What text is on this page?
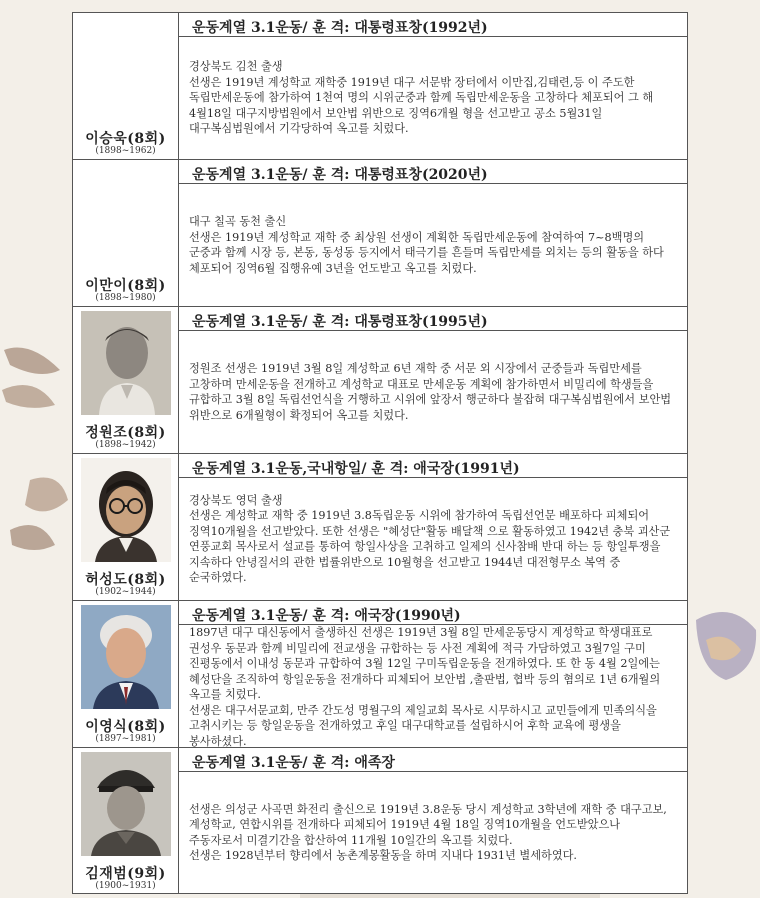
이승욱(8회)
(1898~1962)
운동계열 3.1운동/ 훈 격: 대통령표창(1992년)

경상북도 김천 출생

선생은 1919년 계성학교 재학중 1919년 대구 서문밖 장터에서 이만집,김태련,등 이 주도한 독립만세운동에 참가하여 1천여 명의 시위군중과 함께 독립만세운동을 고창하다 체포되어 그 해 4월18일 대구지방법원에서 보안법 위반으로 징역6개월 형을 선고받고 공소 5월31일 대구복심법원에서 기각당하여 옥고를 치렀다.

이만이(8회)
(1898~1980)
운동계열 3.1운동/ 훈 격: 대통령표창(2020년)

대구 칠곡 동천 출신

선생은 1919년 계성학교 재학 중 최상원 선생이 계획한 독립만세운동에 참여하여 7~8백명의 군중과 함께 시장 등, 본동, 동성동 등지에서 태극기를 흔들며 독립만세를 외치는 등의 활동을 하다 체포되어 징역6월 집행유예 3년을 언도받고 옥고를 치렀다.

정원조(8회)
(1898~1942)
운동계열 3.1운동/ 훈 격: 대통령표창(1995년)

정원조 선생은 1919년 3월 8일 계성학교 6년 재학 중 서문 외 시장에서 군중들과 독립만세를 고창하며 만세운동을 전개하고 계성학교 대표로 만세운동 계획에 참가하면서 비밀리에 학생들을 규합하고 3월 8일 독립선언식을 거행하고 시위에 앞장서 행군하다 불잡혀 대구복심법원에서 보안법 위반으로 6개월형이 확정되어 옥고를 치렀다.

허성도(8회)
(1902~1944)
운동계열 3.1운동,국내항일/ 훈 격: 애국장(1991년)

경상북도 영덕 출생

선생은 계성학교 재학 중 1919년 3.8독립운동 시위에 참가하여 독립선언문 배포하다 피체되어 징역10개월을 선고받았다. 또한 선생은 "혜성단"활동 배달책 으로 활동하였고 1942년 충북 괴산군 연풍교회 목사로서 설교를 통하여 항일사상을 고취하고 일제의 신사참배 반대 하는 등 항일투쟁을 지속하다 안녕질서의 관한 법률위반으로 10월형을 선고받고 1944년 대전형무소 복역 중 순국하였다.

이영식(8회)
(1897~1981)
운동계열 3.1운동/ 훈 격: 애국장(1990년)

1897년 대구 대신동에서 출생하신 선생은 1919년 3월 8일 만세운동당시 계성학교 학생대표로 권성우 동문과 함께 비밀리에 전교생을 규합하는 등 사전 계획에 적극 가담하였고 3월7일 구미 진평동에서 이내성 동문과 규합하여 3월 12일 구미독립운동을 전개하였다. 또 한 동 4월 2일에는 혜성단을 조직하여 항일운동을 전개하다 피체되어 보안법 ,출판법, 협박 등의 혐의로 1년 6개월의 옥고를 치렀다.

선생은 대구서문교회, 만주 간도성 명월구의 제일교회 목사로 시무하시고 교민들에게 민족의식을 고취시키는 등 항일운동을 전개하였고 후일 대구대학교를 설립하시어 후학 교육에 평생을 봉사하셨다.

김재범(9회)
(1900~1931)
운동계열 3.1운동/ 훈 격: 애족장

선생은 의성군 사곡면 화전리 출신으로 1919년 3.8운동 당시 계성학교 3학년에 재학 중 대구고보, 계성학교, 연합시위를 전개하다 피체되어 1919년 4월 18일 징역10개월을 언도받았으나 주동자로서 미결기간을 합산하여 11개월 10일간의 옥고를 치렀다.

선생은 1928년부터 향리에서 농촌계몽활동을 하며 지내다 1931년 별세하였다.
